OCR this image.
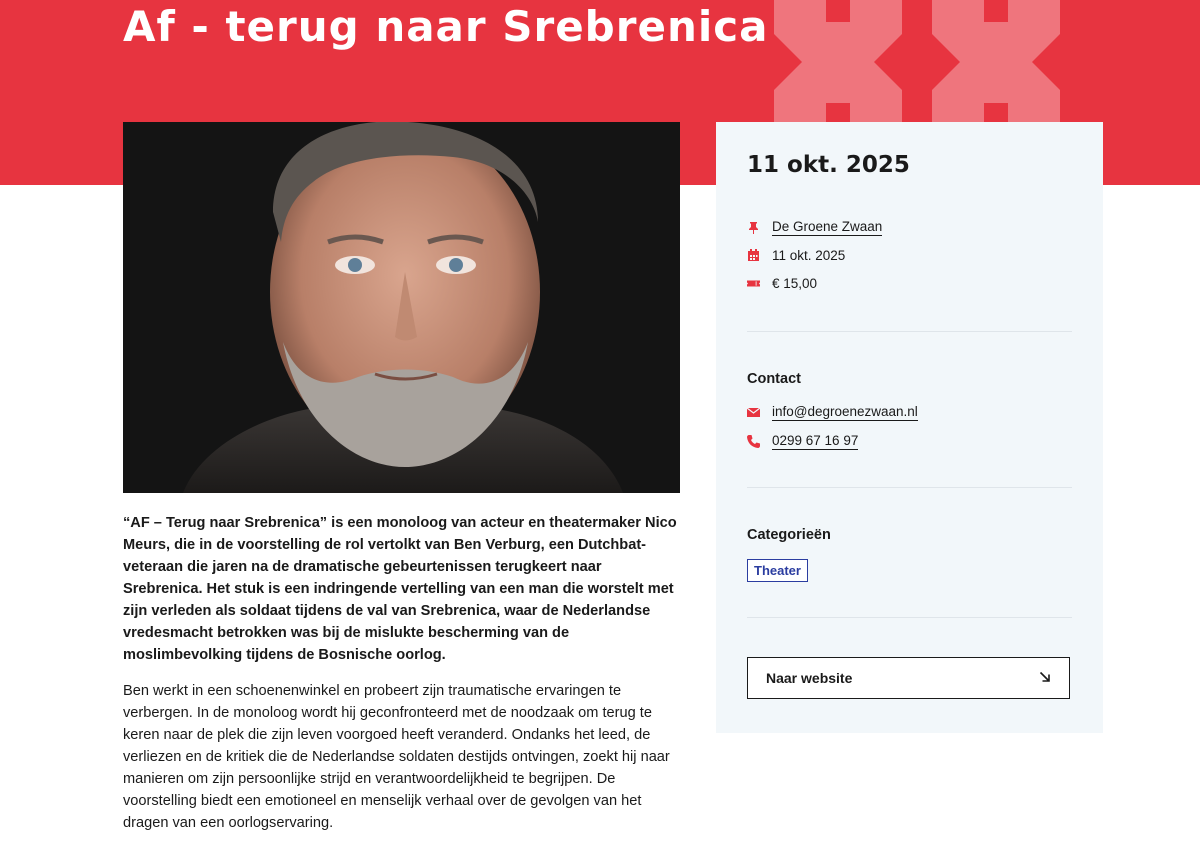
Af - terug naar Srebrenica

“AF – Terug naar Srebrenica” is een monoloog van acteur en theatermaker Nico Meurs, die in de voorstelling de rol vertolkt van Ben Verburg, een Dutchbat-veteraan die jaren na de dramatische gebeurtenissen terugkeert naar Srebrenica. Het stuk is een indringende vertelling van een man die worstelt met zijn verleden als soldaat tijdens de val van Srebrenica, waar de Nederlandse vredesmacht betrokken was bij de mislukte bescherming van de moslimbevolking tijdens de Bosnische oorlog.

Ben werkt in een schoenenwinkel en probeert zijn traumatische ervaringen te verbergen. In de monoloog wordt hij geconfronteerd met de noodzaak om terug te keren naar de plek die zijn leven voorgoed heeft veranderd. Ondanks het leed, de verliezen en de kritiek die de Nederlandse soldaten destijds ontvingen, zoekt hij naar manieren om zijn persoonlijke strijd en verantwoordelijkheid te begrijpen. De voorstelling biedt een emotioneel en menselijk verhaal over de gevolgen van het dragen van een oorlogservaring.

11 okt. 2025
De Groene Zwaan
11 okt. 2025
€ 15,00
Contact
info@degroenezwaan.nl
0299 67 16 97
Categorieën
Theater
Naar website
